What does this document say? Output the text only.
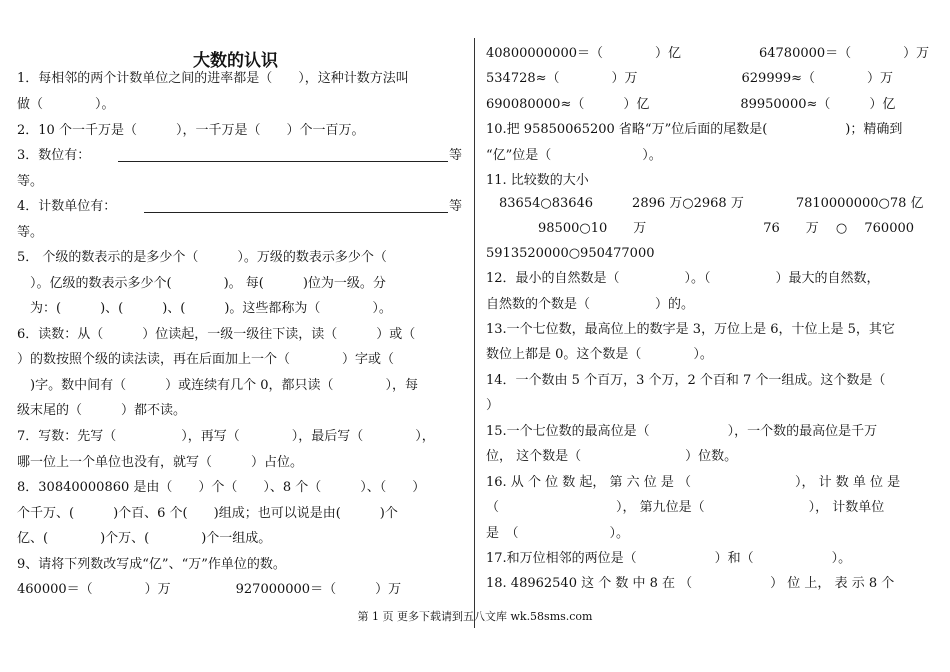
大数的认识
1．每相邻的两个计数单位之间的进率都是（　　），这种计数方法叫
做（　　　　）。
2．10 个一千万是（　　　），一千万是（　　）个一百万。
3．数位有：	等
等。
4．计数单位有：	等
等。
5． 个级的数表示的是多少个（　　　）。万级的数表示多少个（
　）。亿级的数表示多少个(　　　　)。 每(　　　)位为一级。分
　为：(　　　)、(　　　)、(　　　)。这些都称为（　　　　）。
6．读数：从（　　　）位读起，一级一级往下读，读（　　　）或（
）的数按照个级的读法读，再在后面加上一个（　　　　）字或（
　)字。数中间有（　　　）或连续有几个 0，都只读（　　　　），每
级末尾的（　　　）都不读。
7．写数：先写（　　　　　），再写（　　　　），最后写（　　　　），
哪一位上一个单位也没有，就写（　　　）占位。
8．30840000860 是由（　　）个（　　）、8 个（　　　）、（　　）
个千万、(　　　)个百、6 个(　　)组成；也可以说是由(　　　)个
亿、(　　　　)个万、(　　　　)个一组成。
9、请将下列数改写成“亿”、“万”作单位的数。
460000＝（　　　　）万　　　　　927000000＝（　　　）万
40800000000＝（　　　　）亿　　　　　　64780000＝（　　　　）万
534728≈（　　　　）万　　　　　　　　629999≈（　　　　）万
690080000≈（　　　）亿　　　　　　　89950000≈（　　　）亿
10.把 95850065200 省略“万”位后面的尾数是(　　　　　　)；精确到
“亿”位是（　　　　　　　）。
11. 比较数的大小
　83654○83646　　　2896 万○2968 万　　　　7810000000○78 亿
　　　　98500○10　　万　　　　　　　　　76　　万　 ○　 760000
5913520000○950477000
12．最小的自然数是（　　　　　）。（　　　　　）最大的自然数，
自然数的个数是（　　　　　）的。
13.一个七位数，最高位上的数字是 3，万位上是 6，十位上是 5，其它
数位上都是 0。这个数是（　　　　）。
14．一个数由 5 个百万，3 个万，2 个百和 7 个一组成。这个数是（
）
15.一个七位数的最高位是（　　　　　　），一个数的最高位是千万
位， 这个数是（　　　　　　　　）位数。
16. 从 个 位 数 起， 第 六 位 是 （　　　　　　　　）， 计 数 单 位 是
（　　　　　　　　　）， 第九位是（　　　　　　　　）， 计数单位
是　（　　　　　　　）。
17.和万位相邻的两位是（　　　　　　）和（　　　　　　）。
18. 48962540 这 个 数 中 8 在 （　　　　　　） 位 上， 表 示 8 个
第 1 页 更多下载请到五八文库 wk.58sms.com
